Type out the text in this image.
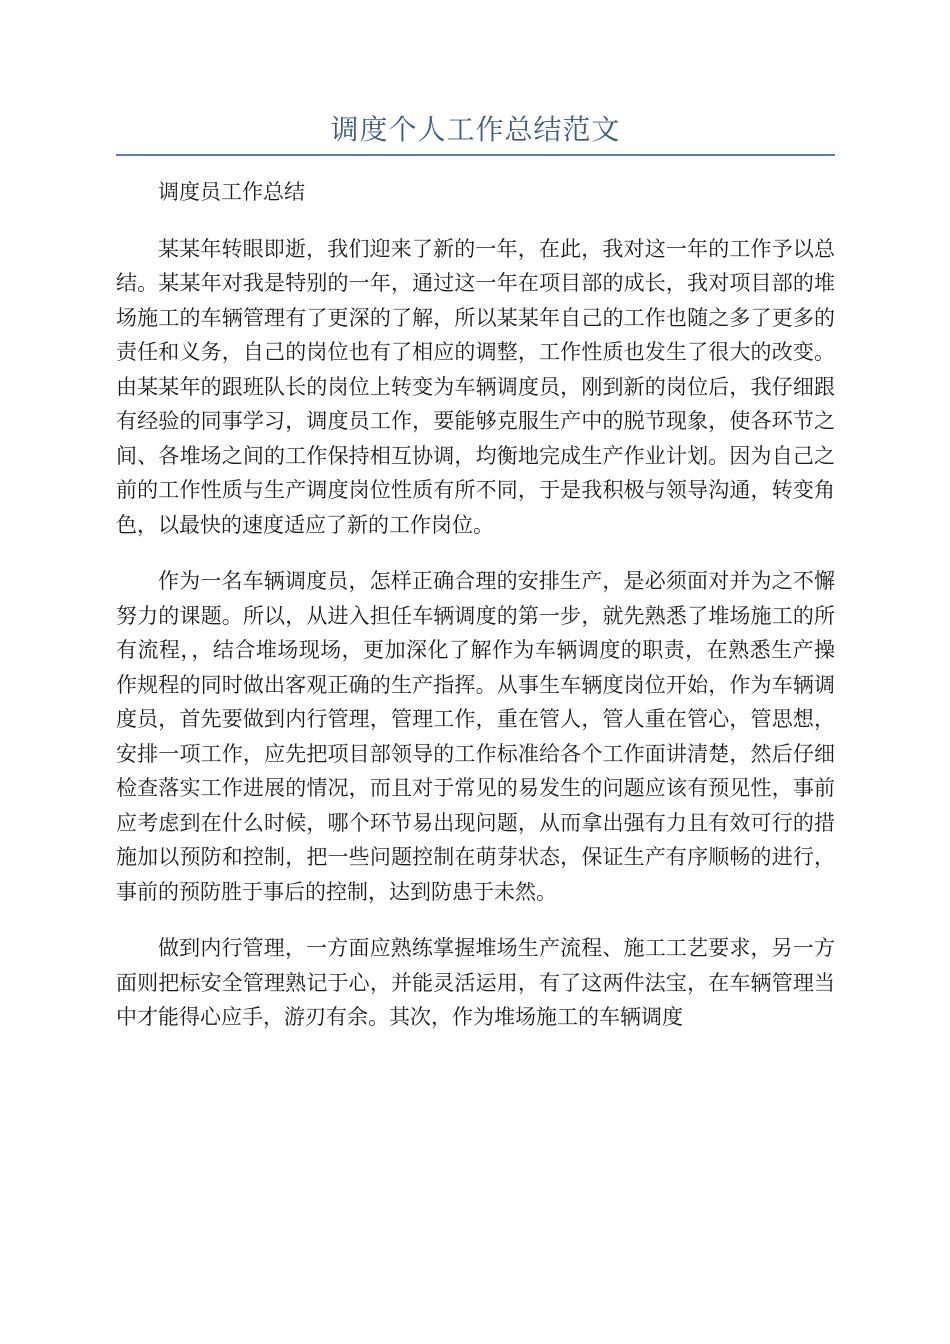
调度个人工作总结范文

调度员工作总结

某某年转眼即逝，我们迎来了新的一年，在此，我对这一年的工作予以总结。某某年对我是特别的一年，通过这一年在项目部的成长，我对项目部的堆场施工的车辆管理有了更深的了解，所以某某年自己的工作也随之多了更多的责任和义务，自己的岗位也有了相应的调整，工作性质也发生了很大的改变。由某某年的跟班队长的岗位上转变为车辆调度员，刚到新的岗位后，我仔细跟有经验的同事学习，调度员工作，要能够克服生产中的脱节现象，使各环节之间、各堆场之间的工作保持相互协调，均衡地完成生产作业计划。因为自己之前的工作性质与生产调度岗位性质有所不同，于是我积极与领导沟通，转变角色，以最快的速度适应了新的工作岗位。

作为一名车辆调度员，怎样正确合理的安排生产，是必须面对并为之不懈努力的课题。所以，从进入担任车辆调度的第一步，就先熟悉了堆场施工的所有流程，，结合堆场现场，更加深化了解作为车辆调度的职责，在熟悉生产操作规程的同时做出客观正确的生产指挥。从事生车辆度岗位开始，作为车辆调度员，首先要做到内行管理，管理工作，重在管人，管人重在管心，管思想，安排一项工作，应先把项目部领导的工作标准给各个工作面讲清楚，然后仔细检查落实工作进展的情况，而且对于常见的易发生的问题应该有预见性，事前应考虑到在什么时候，哪个环节易出现问题，从而拿出强有力且有效可行的措施加以预防和控制，把一些问题控制在萌芽状态，保证生产有序顺畅的进行，事前的预防胜于事后的控制，达到防患于未然。

做到内行管理，一方面应熟练掌握堆场生产流程、施工工艺要求，另一方面则把标安全管理熟记于心，并能灵活运用，有了这两件法宝，在车辆管理当中才能得心应手，游刃有余。其次，作为堆场施工的车辆调度
